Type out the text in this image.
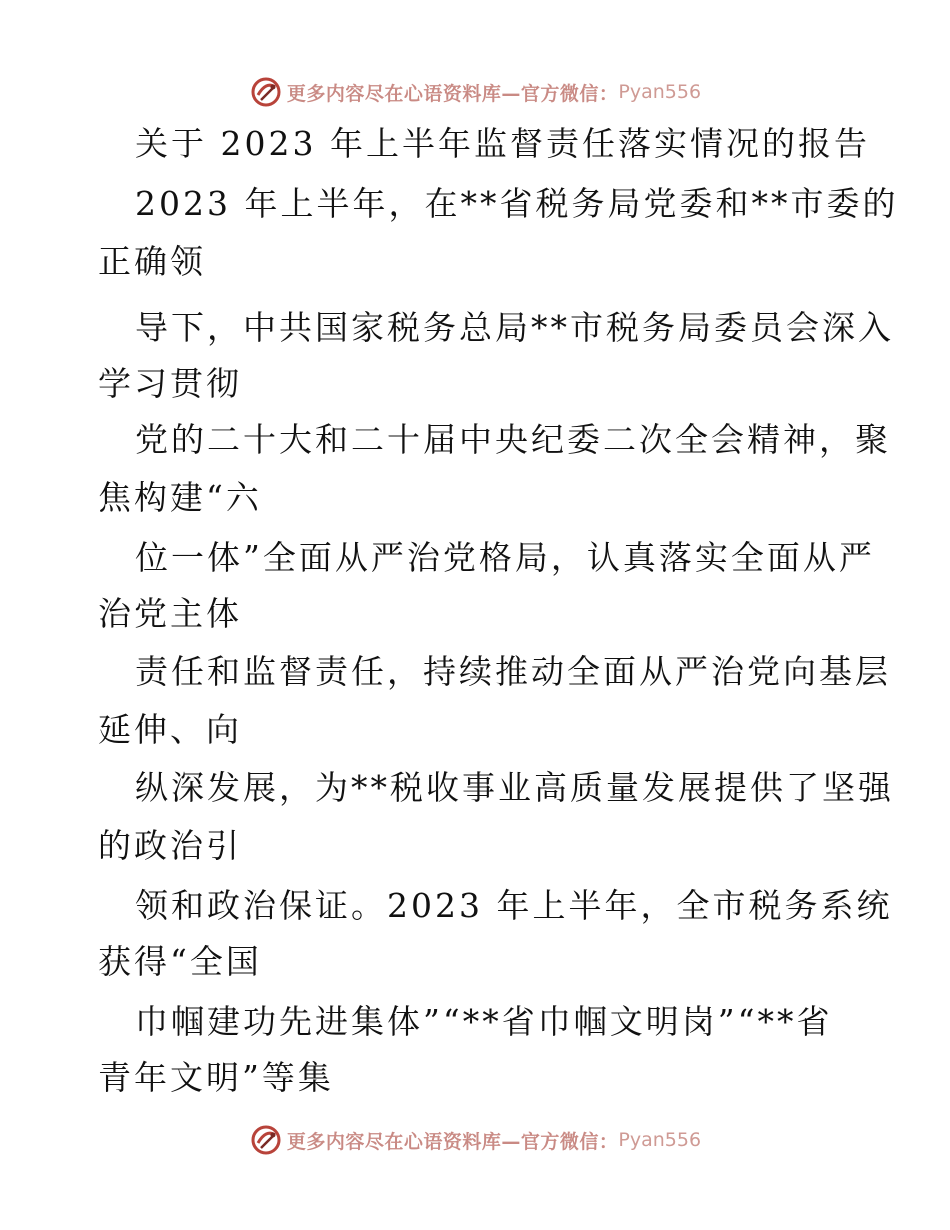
更多内容尽在心语资料库—官方微信： Pyan556
关于 2023 年上半年监督责任落实情况的报告
2023 年上半年，在**省税务局党委和**市委的
正确领
导下，中共国家税务总局**市税务局委员会深入
学习贯彻
党的二十大和二十届中央纪委二次全会精神，聚
焦构建“六
位一体”全面从严治党格局，认真落实全面从严
治党主体
责任和监督责任，持续推动全面从严治党向基层
延伸、向
纵深发展，为**税收事业高质量发展提供了坚强
的政治引
领和政治保证。2023 年上半年，全市税务系统
获得“全国
巾帼建功先进集体”“**省巾帼文明岗”“**省
青年文明”等集
更多内容尽在心语资料库—官方微信： Pyan556
